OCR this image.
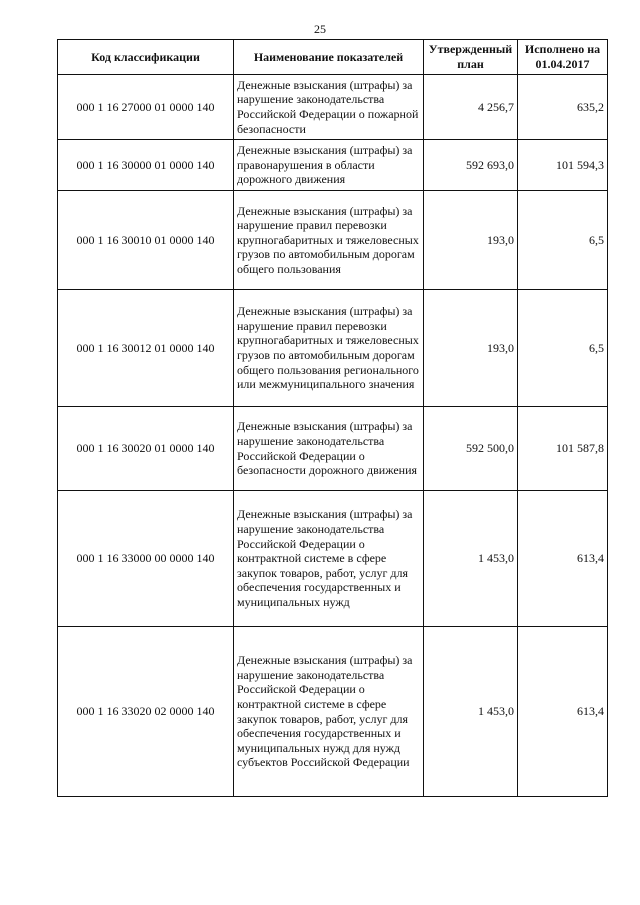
25
Код классификации	Наименование показателей	Утвержденный план	Исполнено на 01.04.2017
000 1 16 27000 01 0000 140	Денежные взыскания (штрафы) за нарушение законодательства Российской Федерации о пожарной безопасности	4 256,7	635,2
000 1 16 30000 01 0000 140	Денежные взыскания (штрафы) за правонарушения в области дорожного движения	592 693,0	101 594,3
000 1 16 30010 01 0000 140	Денежные взыскания (штрафы) за нарушение правил перевозки крупногабаритных и тяжеловесных грузов по автомобильным дорогам общего пользования	193,0	6,5
000 1 16 30012 01 0000 140	Денежные взыскания (штрафы) за нарушение правил перевозки крупногабаритных и тяжеловесных грузов по автомобильным дорогам общего пользования регионального или межмуниципального значения	193,0	6,5
000 1 16 30020 01 0000 140	Денежные взыскания (штрафы) за нарушение законодательства Российской Федерации о безопасности дорожного движения	592 500,0	101 587,8
000 1 16 33000 00 0000 140	Денежные взыскания (штрафы) за нарушение законодательства Российской Федерации о контрактной системе в сфере закупок товаров, работ, услуг для обеспечения государственных и муниципальных нужд	1 453,0	613,4
000 1 16 33020 02 0000 140	Денежные взыскания (штрафы) за нарушение законодательства Российской Федерации о контрактной системе в сфере закупок товаров, работ, услуг для обеспечения государственных и муниципальных нужд для нужд субъектов Российской Федерации	1 453,0	613,4
